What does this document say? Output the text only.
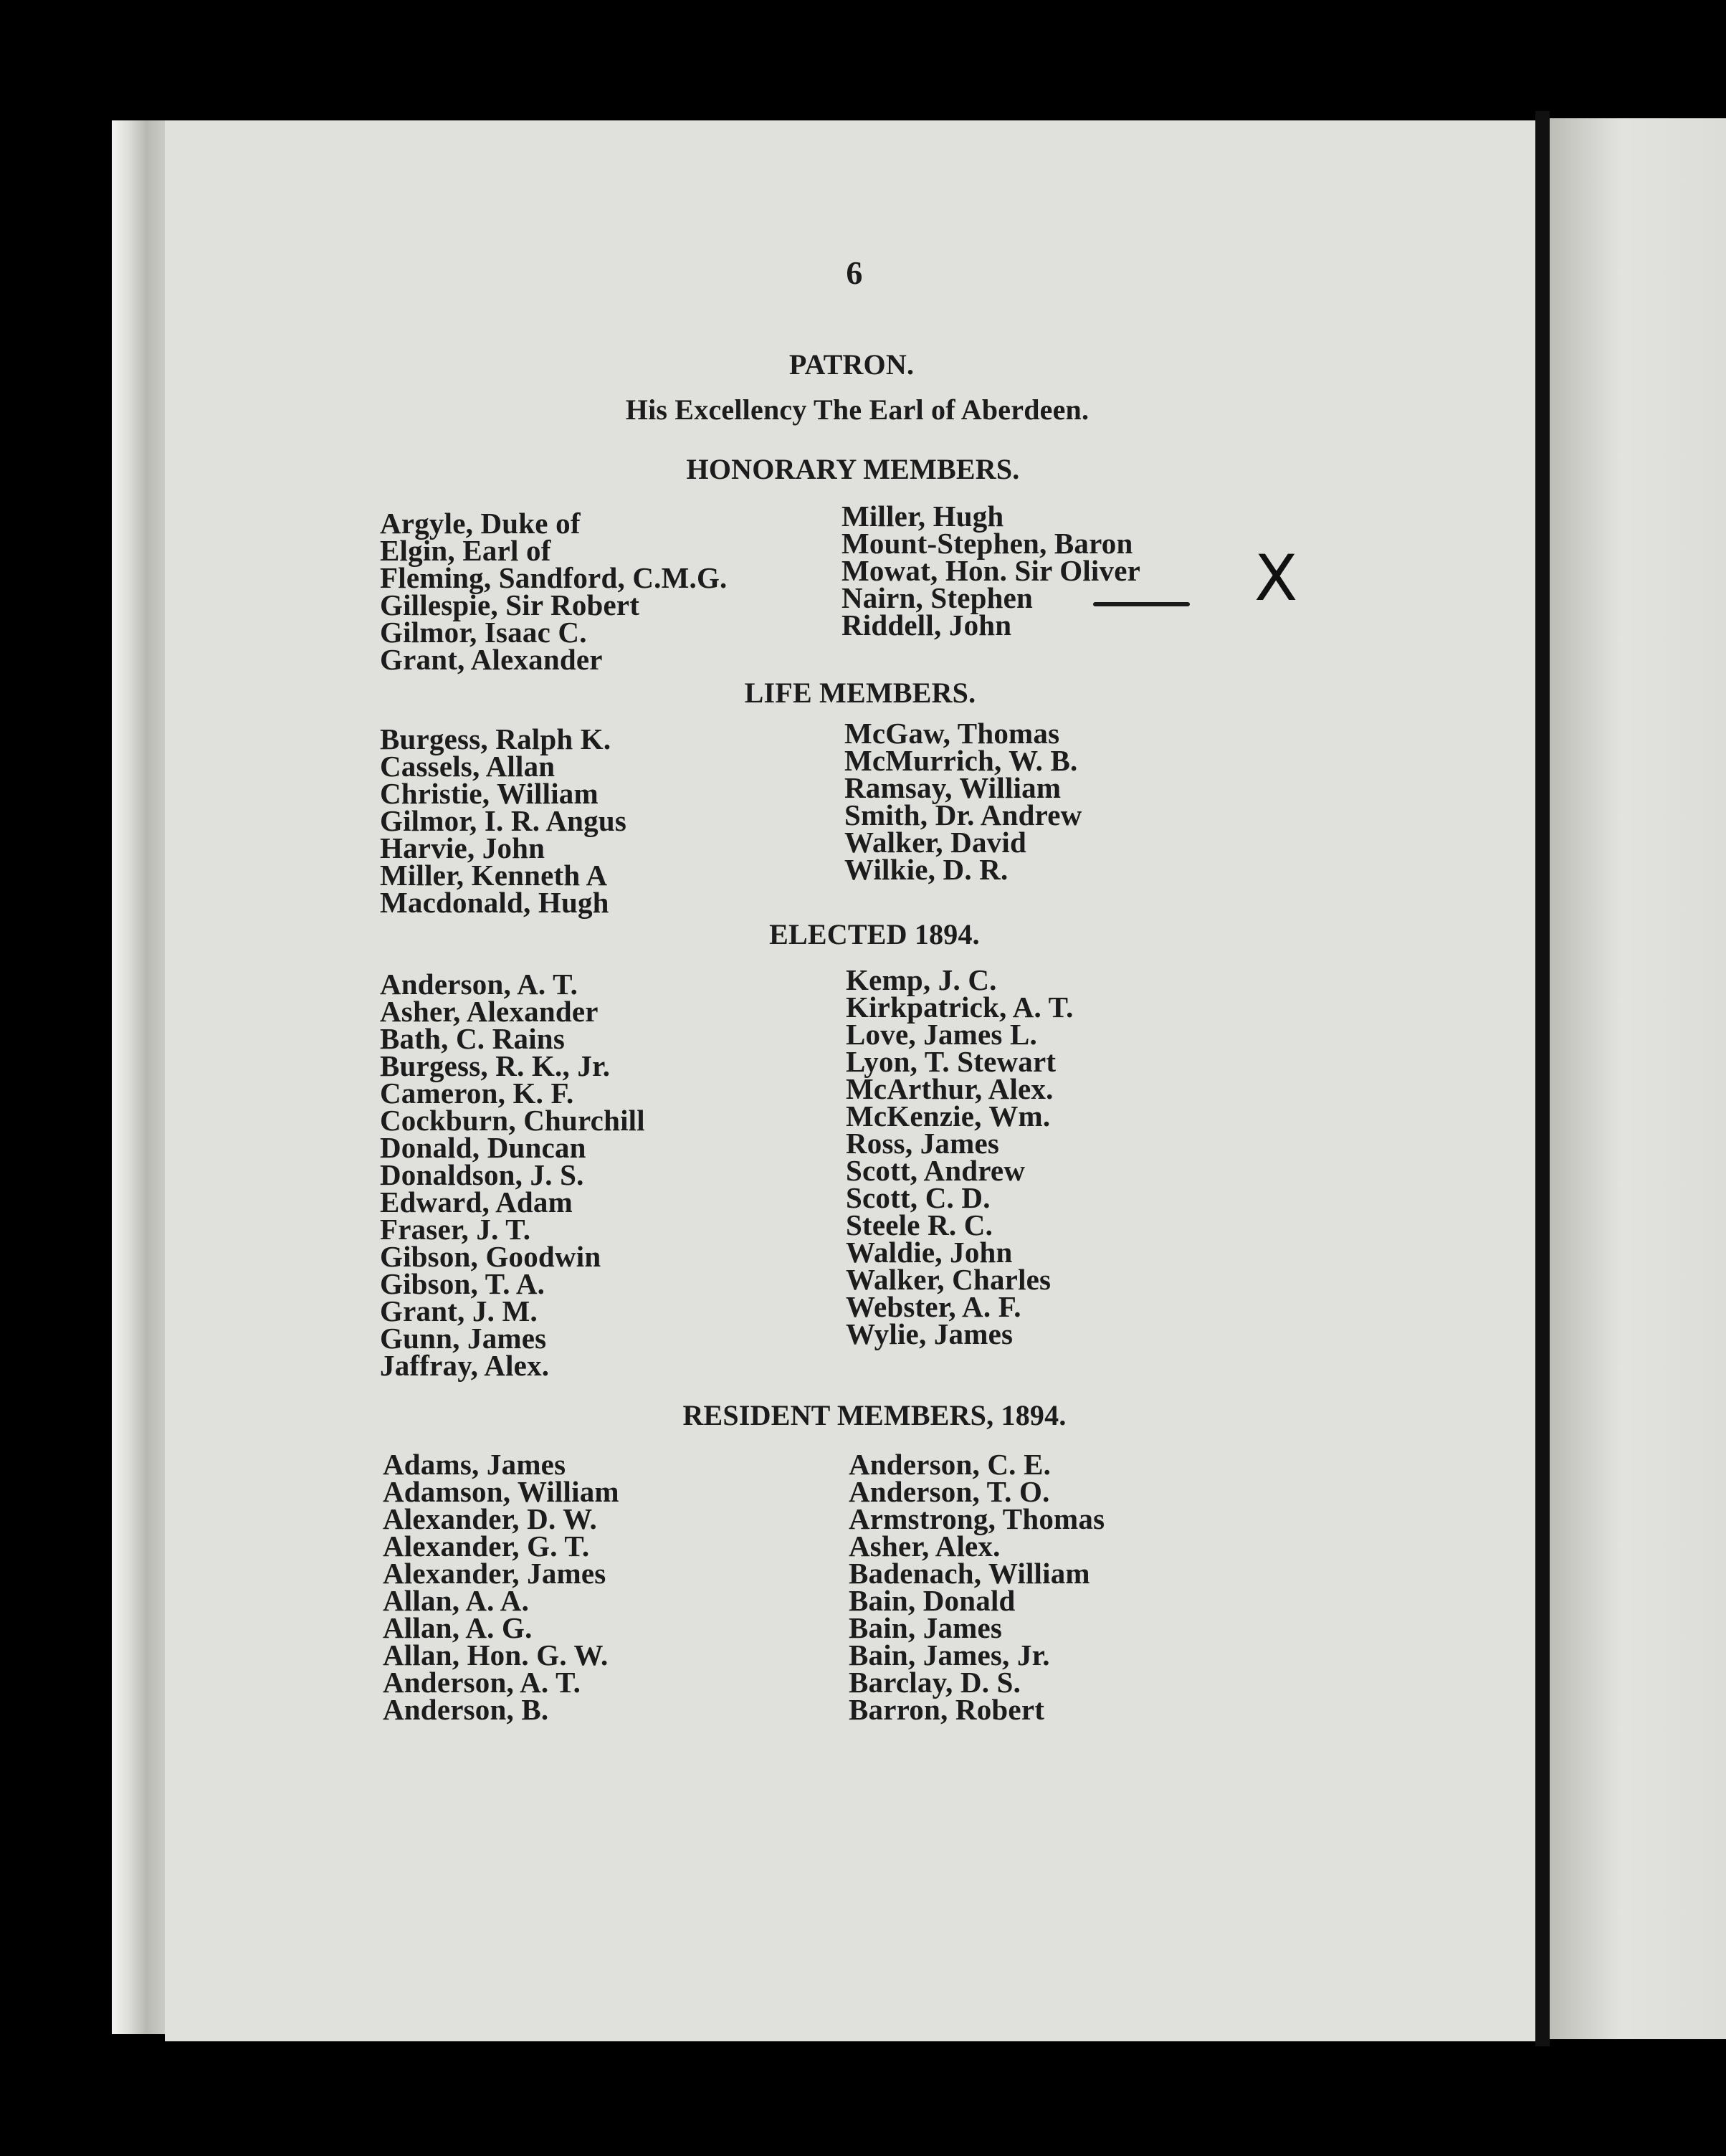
6
PATRON.
His Excellency The Earl of Aberdeen.
HONORARY MEMBERS.
Argyle, Duke of
Elgin, Earl of
Fleming, Sandford, C.M.G.
Gillespie, Sir Robert
Gilmor, Isaac C.
Grant, Alexander
Miller, Hugh
Mount-Stephen, Baron
Mowat, Hon. Sir Oliver
Nairn, Stephen
Riddell, John
X
LIFE MEMBERS.
Burgess, Ralph K.
Cassels, Allan
Christie, William
Gilmor, I. R. Angus
Harvie, John
Miller, Kenneth A
Macdonald, Hugh
McGaw, Thomas
McMurrich, W. B.
Ramsay, William
Smith, Dr. Andrew
Walker, David
Wilkie, D. R.
ELECTED 1894.
Anderson, A. T.
Asher, Alexander
Bath, C. Rains
Burgess, R. K., Jr.
Cameron, K. F.
Cockburn, Churchill
Donald, Duncan
Donaldson, J. S.
Edward, Adam
Fraser, J. T.
Gibson, Goodwin
Gibson, T. A.
Grant, J. M.
Gunn, James
Jaffray, Alex.
Kemp, J. C.
Kirkpatrick, A. T.
Love, James L.
Lyon, T. Stewart
McArthur, Alex.
McKenzie, Wm.
Ross, James
Scott, Andrew
Scott, C. D.
Steele R. C.
Waldie, John
Walker, Charles
Webster, A. F.
Wylie, James
RESIDENT MEMBERS, 1894.
Adams, James
Adamson, William
Alexander, D. W.
Alexander, G. T.
Alexander, James
Allan, A. A.
Allan, A. G.
Allan, Hon. G. W.
Anderson, A. T.
Anderson, B.
Anderson, C. E.
Anderson, T. O.
Armstrong, Thomas
Asher, Alex.
Badenach, William
Bain, Donald
Bain, James
Bain, James, Jr.
Barclay, D. S.
Barron, Robert
